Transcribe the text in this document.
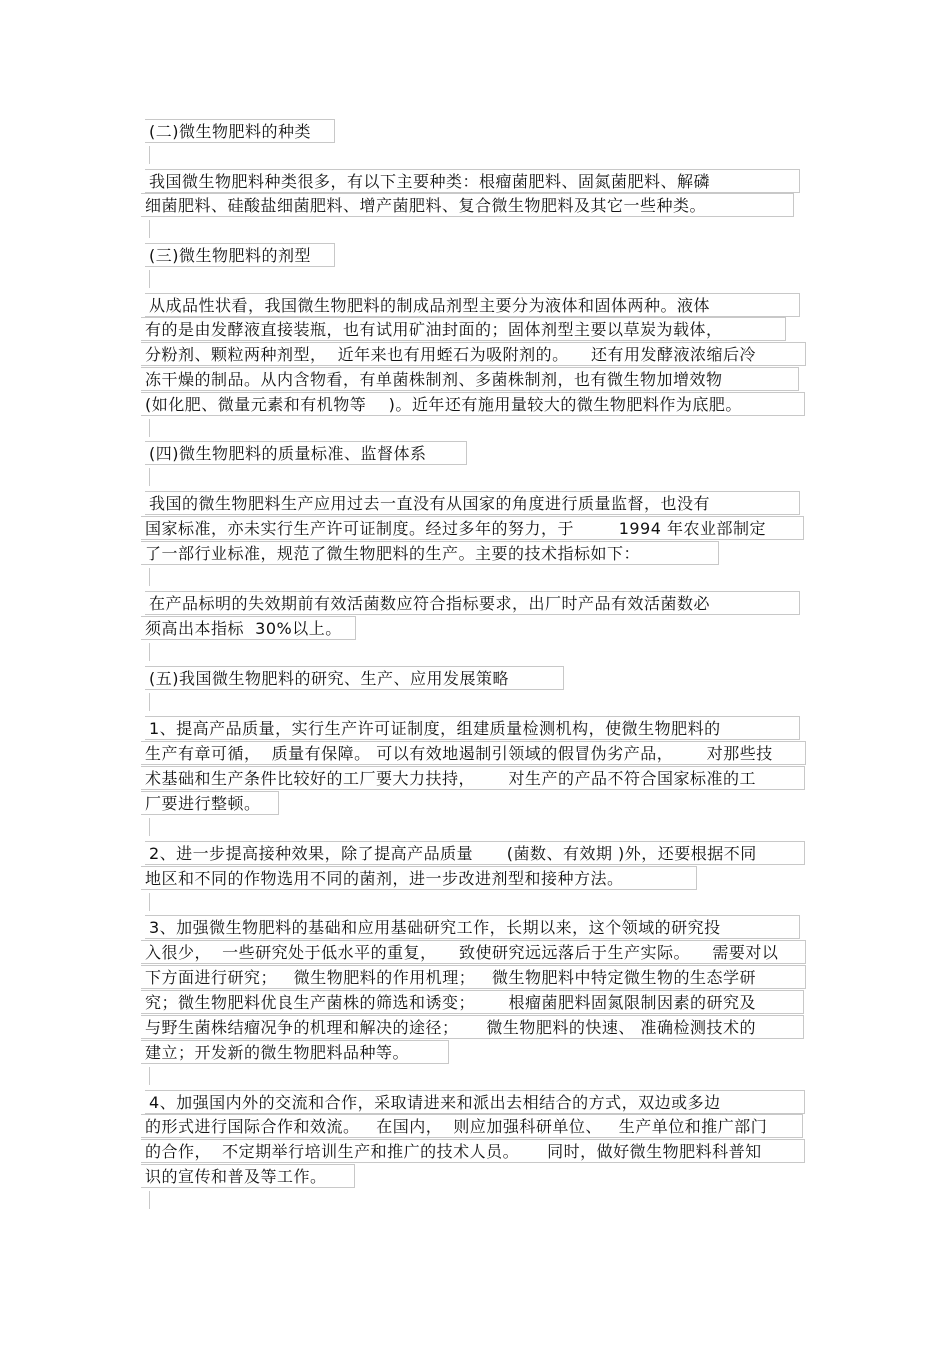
(二)微生物肥料的种类
我国微生物肥料种类很多，有以下主要种类：根瘤菌肥料、固氮菌肥料、解磷
细菌肥料、硅酸盐细菌肥料、增产菌肥料、复合微生物肥料及其它一些种类。
(三)微生物肥料的剂型
从成品性状看，我国微生物肥料的制成品剂型主要分为液体和固体两种。液体
有的是由发酵液直接装瓶，也有试用矿油封面的；固体剂型主要以草炭为载体，
分粉剂、颗粒两种剂型，  近年来也有用蛭石为吸附剂的。    还有用发酵液浓缩后冷
冻干燥的制品。从内含物看，有单菌株制剂、多菌株制剂，也有微生物加增效物
(如化肥、微量元素和有机物等    )。近年还有施用量较大的微生物肥料作为底肥。
(四)微生物肥料的质量标准、监督体系
我国的微生物肥料生产应用过去一直没有从国家的角度进行质量监督，也没有
国家标准，亦未实行生产许可证制度。经过多年的努力，于        1994 年农业部制定
了一部行业标准，规范了微生物肥料的生产。主要的技术指标如下：
在产品标明的失效期前有效活菌数应符合指标要求，出厂时产品有效活菌数必
须高出本指标  30%以上。
(五)我国微生物肥料的研究、生产、应用发展策略
1、提高产品质量，实行生产许可证制度，组建质量检测机构，使微生物肥料的
生产有章可循，  质量有保障。 可以有效地遏制引领域的假冒伪劣产品，      对那些技
术基础和生产条件比较好的工厂要大力扶持，      对生产的产品不符合国家标准的工
厂要进行整顿。
2、进一步提高接种效果，除了提高产品质量      (菌数、有效期 )外，还要根据不同
地区和不同的作物选用不同的菌剂，进一步改进剂型和接种方法。
3、加强微生物肥料的基础和应用基础研究工作，长期以来，这个领域的研究投
入很少，  一些研究处于低水平的重复，    致使研究远远落后于生产实际。    需要对以
下方面进行研究；   微生物肥料的作用机理；   微生物肥料中特定微生物的生态学研
究；微生物肥料优良生产菌株的筛选和诱变；      根瘤菌肥料固氮限制因素的研究及
与野生菌株结瘤况争的机理和解决的途径；     微生物肥料的快速、 准确检测技术的
建立；开发新的微生物肥料品种等。
4、加强国内外的交流和合作，采取请进来和派出去相结合的方式，双边或多边
的形式进行国际合作和效流。   在国内，  则应加强科研单位、   生产单位和推广部门
的合作，  不定期举行培训生产和推广的技术人员。     同时，做好微生物肥料科普知
识的宣传和普及等工作。
